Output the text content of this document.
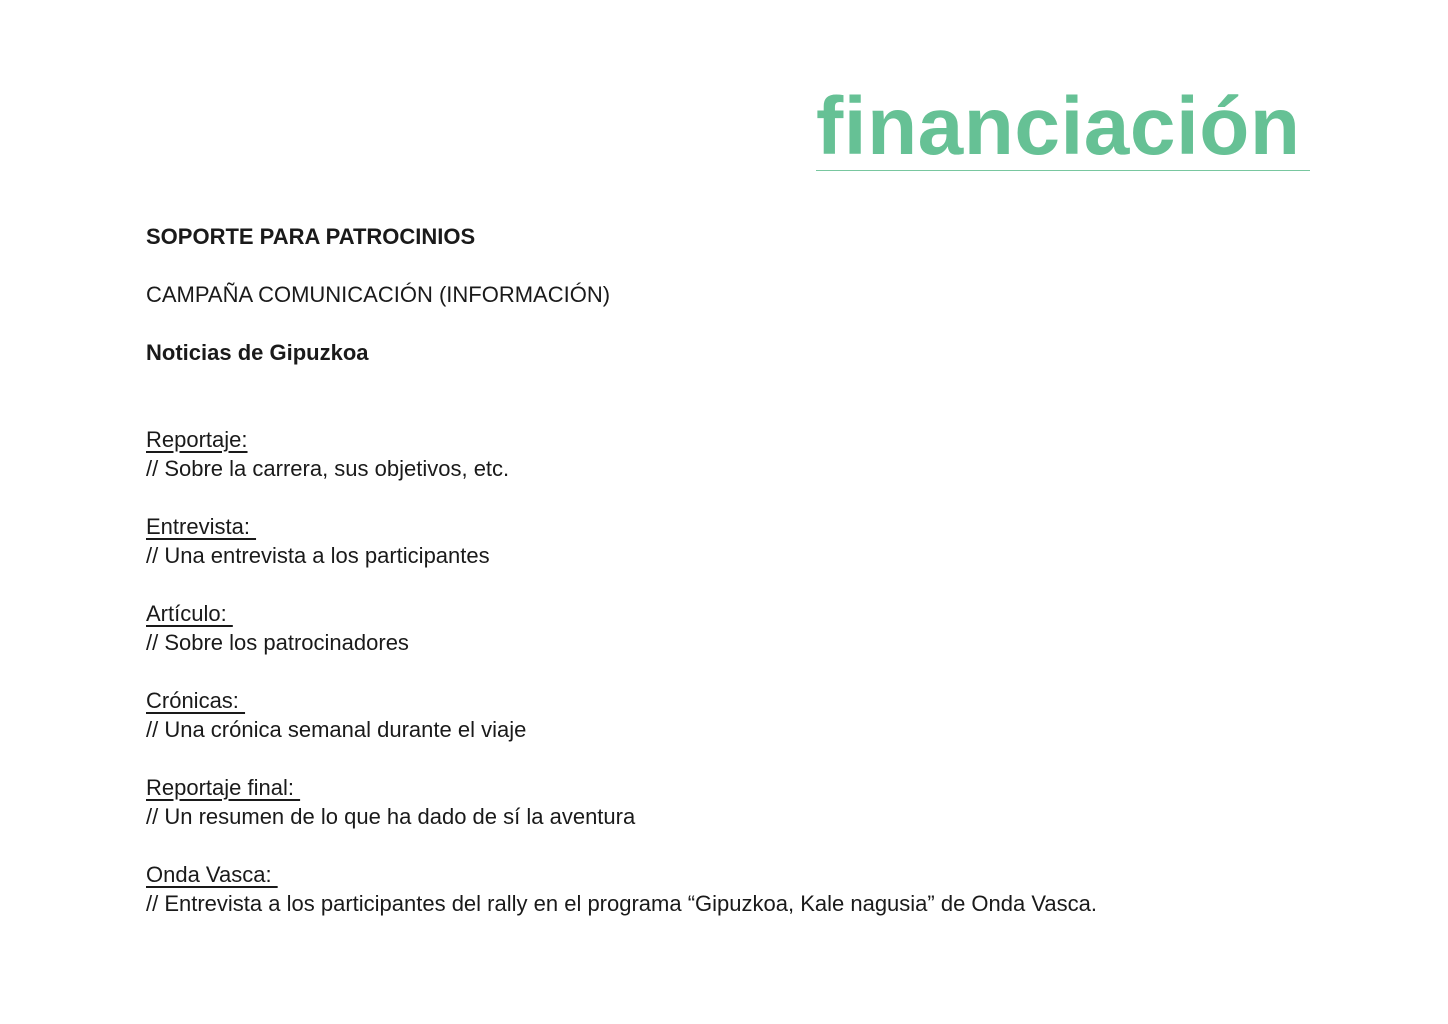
financiación

SOPORTE PARA PATROCINIOS

CAMPAÑA COMUNICACIÓN (INFORMACIÓN)

Noticias de Gipuzkoa

Reportaje:

// Sobre la carrera, sus objetivos, etc.

Entrevista:

// Una entrevista a los participantes

Artículo:

// Sobre los patrocinadores

Crónicas:

// Una crónica semanal durante el viaje

Reportaje final:

// Un resumen de lo que ha dado de sí la aventura

Onda Vasca:

// Entrevista a los participantes del rally en el programa “Gipuzkoa, Kale nagusia” de Onda Vasca.
